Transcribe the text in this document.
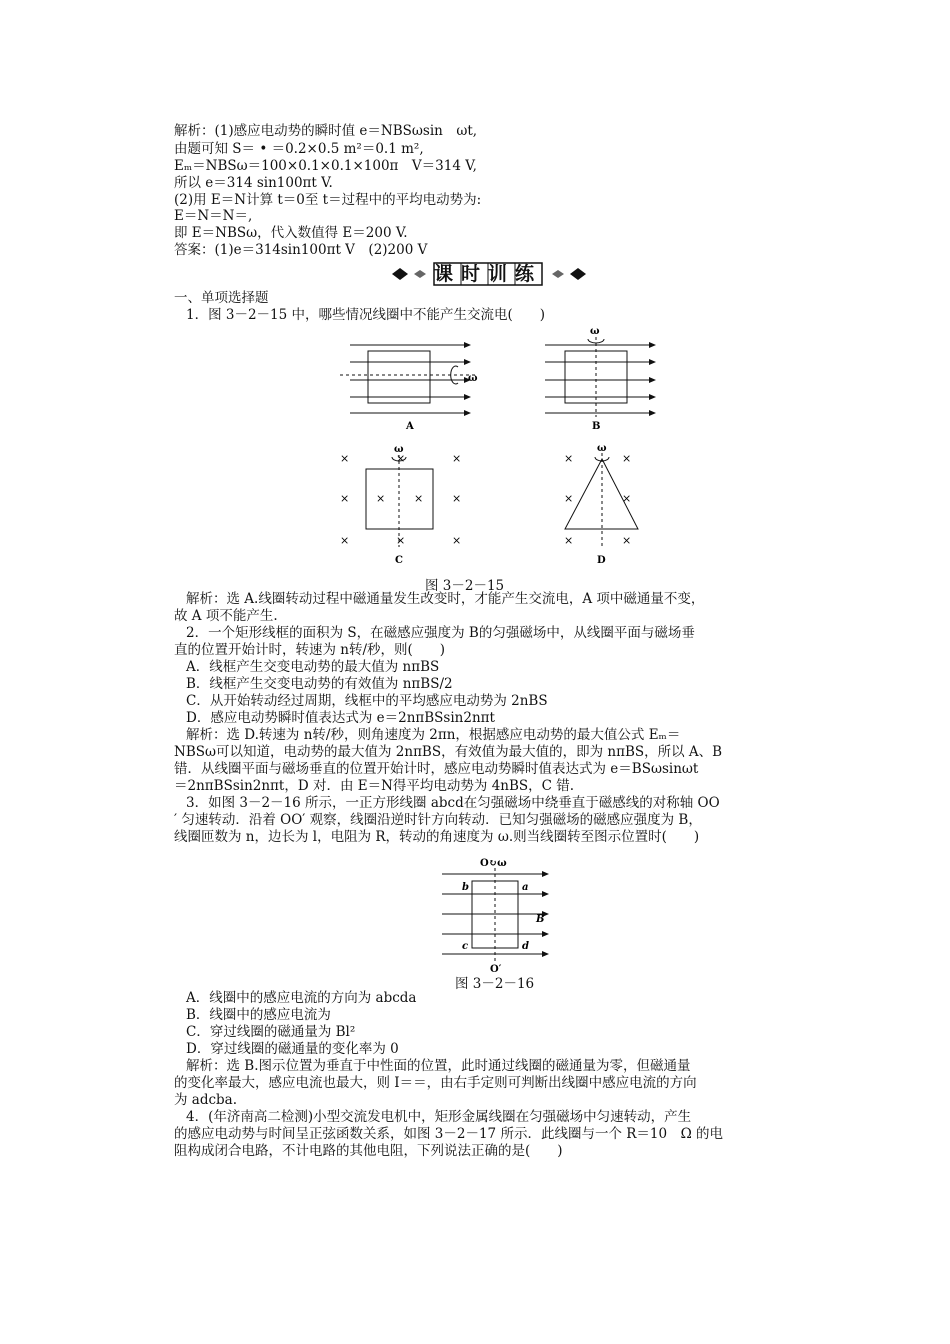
解析：(1)感应电动势的瞬时值 e＝NBSωsin　ωt,
由题可知 S＝ • ＝0.2×0.5 m²＝0.1 m²,
Eₘ＝NBSω＝100×0.1×0.1×100π　V＝314 V,
所以 e＝314 sin100πt V.
(2)用 E＝N计算 t＝0至 t＝过程中的平均电动势为:
E＝N＝N＝,
即 E＝NBSω，代入数值得 E＝200 V.
答案：(1)e＝314sin100πt V　(2)200 V
课时训练
一、单项选择题
1．图 3－2－15 中，哪些情况线圈中不能产生交流电(　　)
ω
A
ω
B
×	×	×
× ×	×	×
×	×	×
ω
C
×	×
×	×
×	×
ω
D
图 3－2－15
解析：选 A.线圈转动过程中磁通量发生改变时，才能产生交流电，A 项中磁通量不变，
故 A 项不能产生.
2．一个矩形线框的面积为 S，在磁感应强度为 B的匀强磁场中，从线圈平面与磁场垂
直的位置开始计时，转速为 n转/秒，则(　　)
A．线框产生交变电动势的最大值为 nπBS
B．线框产生交变电动势的有效值为 nπBS/2
C．从开始转动经过周期，线框中的平均感应电动势为 2nBS
D．感应电动势瞬时值表达式为 e＝2nπBSsin2nπt
解析：选 D.转速为 n转/秒，则角速度为 2πn，根据感应电动势的最大值公式 Eₘ＝
NBSω可以知道，电动势的最大值为 2nπBS，有效值为最大值的，即为 nπBS，所以 A、B
错．从线圈平面与磁场垂直的位置开始计时，感应电动势瞬时值表达式为 e＝BSωsinωt
＝2nπBSsin2nπt，D 对．由 E＝N得平均电动势为 4nBS，C 错.
3．如图 3－2－16 所示，一正方形线圈 abcd在匀强磁场中绕垂直于磁感线的对称轴 OO
′ 匀速转动．沿着 OO′ 观察，线圈沿逆时针方向转动．已知匀强磁场的磁感应强度为 B，
线圈匝数为 n，边长为 l，电阻为 R，转动的角速度为 ω.则当线圈转至图示位置时(　　)
O↻ω
b	a
c	d
B
O′
图 3－2－16
A．线圈中的感应电流的方向为 abcda
B．线圈中的感应电流为
C．穿过线圈的磁通量为 Bl²
D．穿过线圈的磁通量的变化率为 0
解析：选 B.图示位置为垂直于中性面的位置，此时通过线圈的磁通量为零，但磁通量
的变化率最大，感应电流也最大，则 I＝＝，由右手定则可判断出线圈中感应电流的方向
为 adcba.
4．(年济南高二检测)小型交流发电机中，矩形金属线圈在匀强磁场中匀速转动，产生
的感应电动势与时间呈正弦函数关系，如图 3－2－17 所示．此线圈与一个 R＝10　Ω 的电
阻构成闭合电路，不计电路的其他电阻，下列说法正确的是(　　)
